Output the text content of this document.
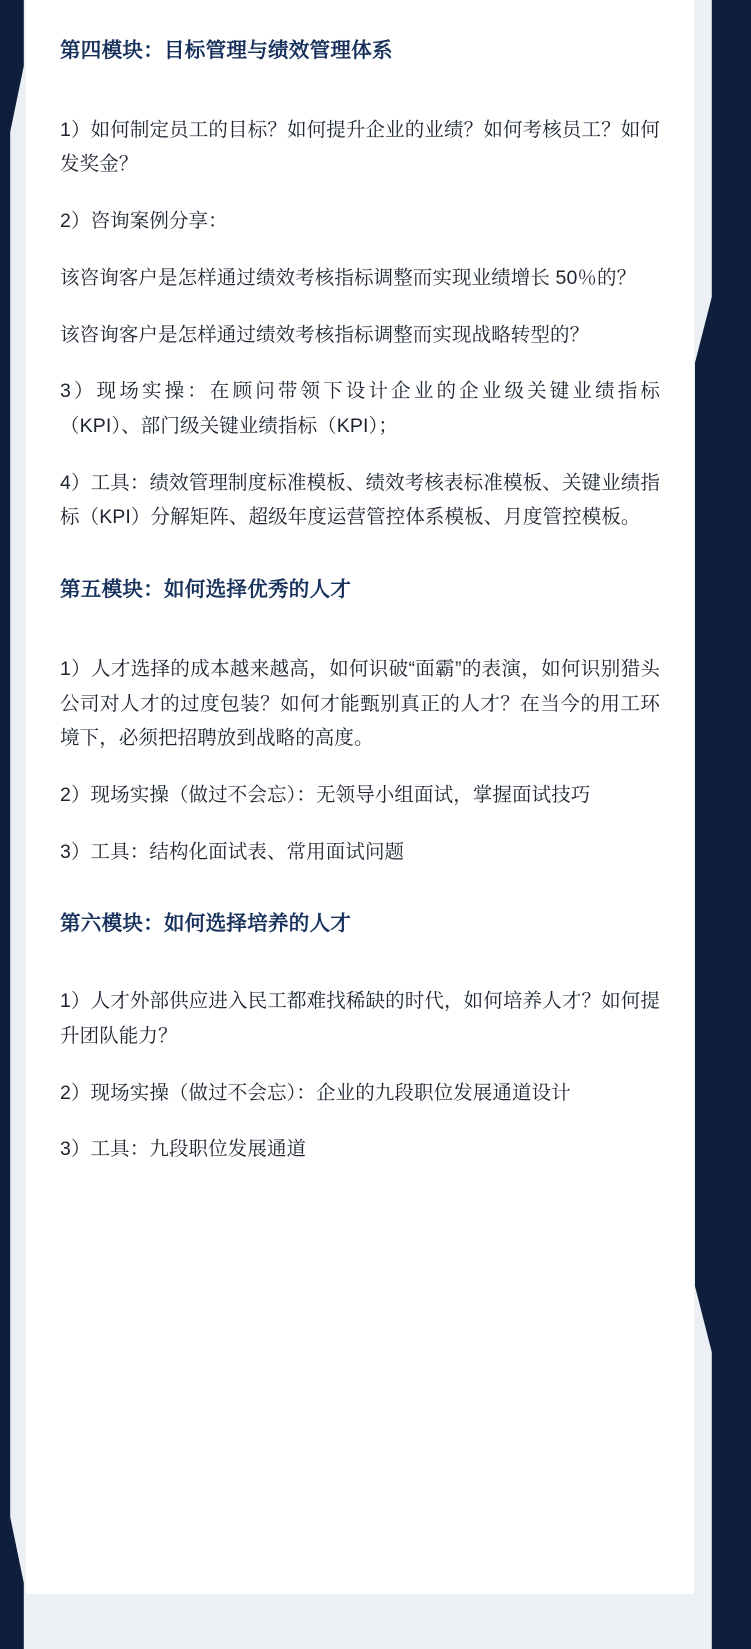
第四模块：目标管理与绩效管理体系

1）如何制定员工的目标？如何提升企业的业绩？如何考核员工？如何发奖金？

2）咨询案例分享：

该咨询客户是怎样通过绩效考核指标调整而实现业绩增长 50％的？

该咨询客户是怎样通过绩效考核指标调整而实现战略转型的？

3）现场实操：在顾问带领下设计企业的企业级关键业绩指标（KPI）、部门级关键业绩指标（KPI）；

4）工具：绩效管理制度标准模板、绩效考核表标准模板、关键业绩指标（KPI）分解矩阵、超级年度运营管控体系模板、月度管控模板。

第五模块：如何选择优秀的人才

1）人才选择的成本越来越高，如何识破“面霸”的表演，如何识别猎头公司对人才的过度包装？如何才能甄别真正的人才？在当今的用工环境下，必须把招聘放到战略的高度。

2）现场实操（做过不会忘）：无领导小组面试，掌握面试技巧

3）工具：结构化面试表、常用面试问题

第六模块：如何选择培养的人才

1）人才外部供应进入民工都难找稀缺的时代，如何培养人才？如何提升团队能力？

2）现场实操（做过不会忘）：企业的九段职位发展通道设计

3）工具：九段职位发展通道
